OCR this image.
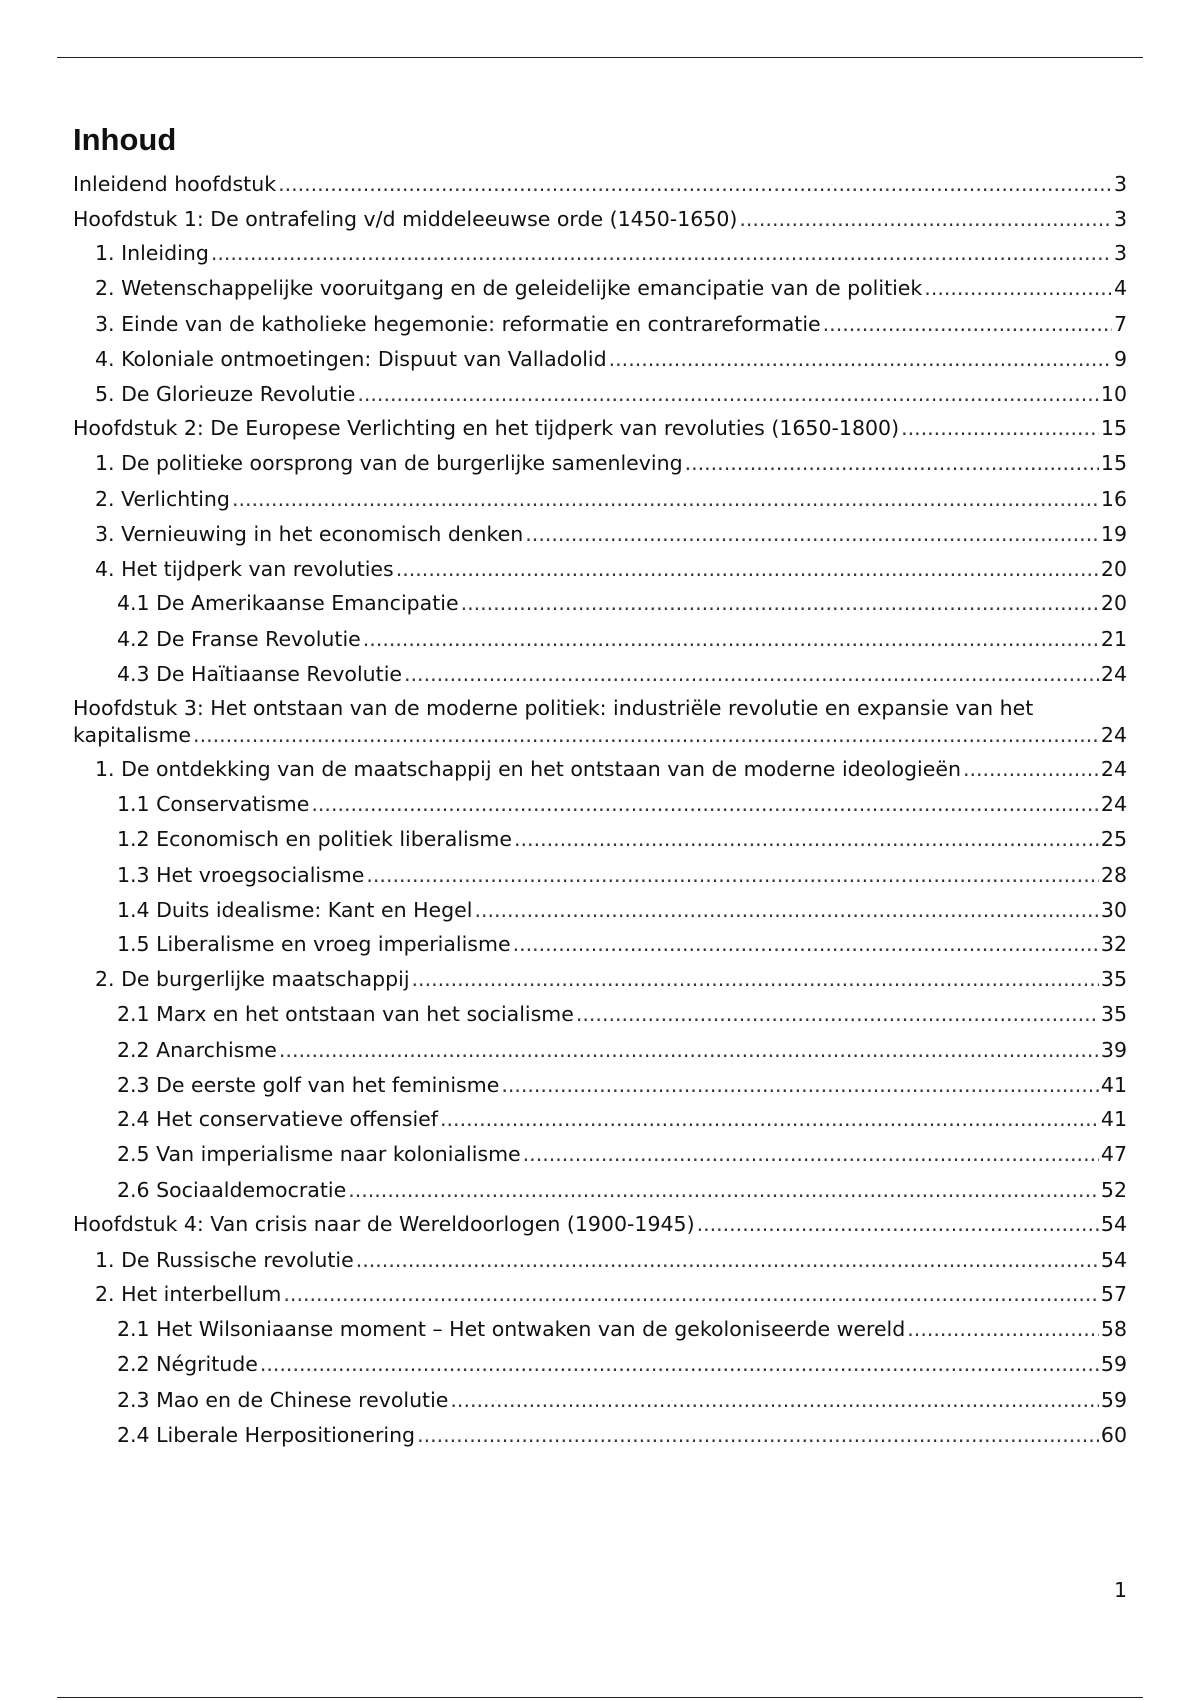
Inhoud
Inleidend hoofdstuk .....	3
Hoofdstuk 1: De ontrafeling v/d middeleeuwse orde (1450-1650) .....	3
1. Inleiding .....	3
2. Wetenschappelijke vooruitgang en de geleidelijke emancipatie van de politiek .....	4
3. Einde van de katholieke hegemonie: reformatie en contrareformatie .....	7
4. Koloniale ontmoetingen: Dispuut van Valladolid .....	9
5. De Glorieuze Revolutie .....	10
Hoofdstuk 2: De Europese Verlichting en het tijdperk van revoluties (1650-1800) .....	15
1. De politieke oorsprong van de burgerlijke samenleving .....	15
2. Verlichting .....	16
3. Vernieuwing in het economisch denken .....	19
4. Het tijdperk van revoluties .....	20
4.1 De Amerikaanse Emancipatie .....	20
4.2 De Franse Revolutie .....	21
4.3 De Haïtiaanse Revolutie .....	24
Hoofdstuk 3: Het ontstaan van de moderne politiek: industriële revolutie en expansie van het
kapitalisme .....	24
1. De ontdekking van de maatschappij en het ontstaan van de moderne ideologieën .....	24
1.1 Conservatisme .....	24
1.2 Economisch en politiek liberalisme .....	25
1.3 Het vroegsocialisme .....	28
1.4 Duits idealisme: Kant en Hegel .....	30
1.5 Liberalisme en vroeg imperialisme .....	32
2. De burgerlijke maatschappij .....	35
2.1 Marx en het ontstaan van het socialisme .....	35
2.2 Anarchisme .....	39
2.3 De eerste golf van het feminisme .....	41
2.4 Het conservatieve offensief .....	41
2.5 Van imperialisme naar kolonialisme .....	47
2.6 Sociaaldemocratie .....	52
Hoofdstuk 4: Van crisis naar de Wereldoorlogen (1900-1945) .....	54
1. De Russische revolutie .....	54
2. Het interbellum .....	57
2.1 Het Wilsoniaanse moment – Het ontwaken van de gekoloniseerde wereld .....	58
2.2 Négritude .....	59
2.3 Mao en de Chinese revolutie .....	59
2.4 Liberale Herpositionering .....	60
1
